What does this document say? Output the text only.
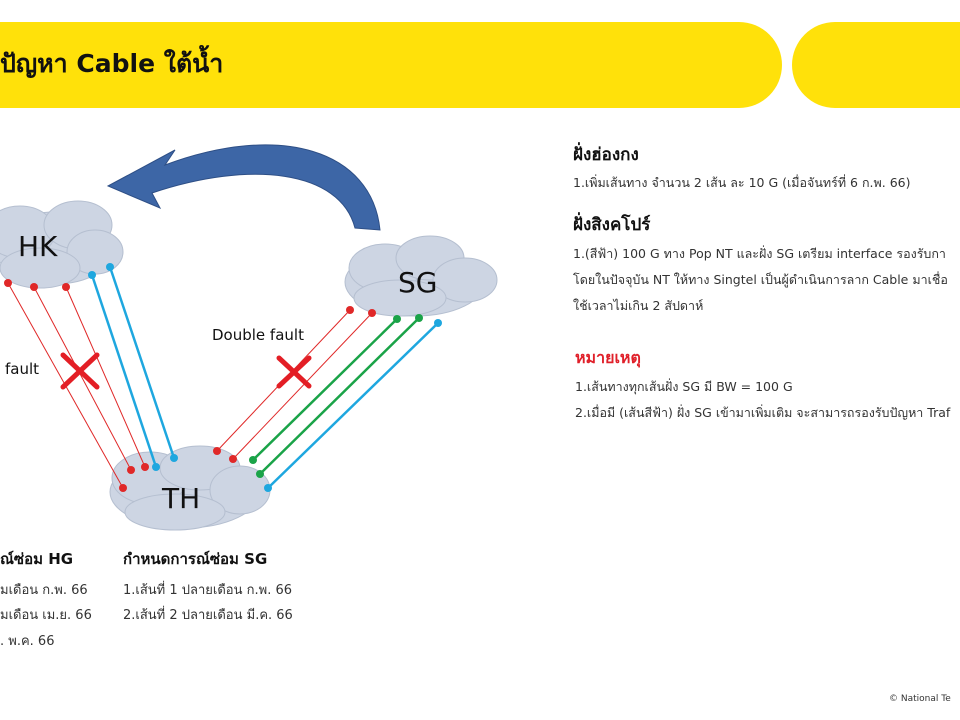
ปัญหา Cable ใต้น้ำ
HK
SG
TH
Double fault
fault
ฝั่งฮ่องกง
1.เพิ่มเส้นทาง จำนวน 2 เส้น ละ 10 G (เมื่อจันทร์ที่ 6 ก.พ. 66)
ฝั่งสิงคโปร์
1.(สีฟ้า) 100 G ทาง Pop NT และฝั่ง SG เตรียม interface รองรับกา
โดยในปัจจุบัน NT ให้ทาง Singtel เป็นผู้ดำเนินการลาก Cable มาเชื่อ
ใช้เวลาไม่เกิน 2 สัปดาห์
หมายเหตุ
1.เส้นทางทุกเส้นฝั่ง SG มี BW = 100 G
2.เมื่อมี (เส้นสีฟ้า) ฝั่ง SG เข้ามาเพิ่มเติม จะสามารถรองรับปัญหา Traf
ณ์ซ่อม HG
มเดือน ก.พ. 66
มเดือน เม.ย. 66
. พ.ค. 66
กำหนดการณ์ซ่อม SG
1.เส้นที่ 1 ปลายเดือน ก.พ. 66
2.เส้นที่ 2 ปลายเดือน มี.ค. 66
© National Te
